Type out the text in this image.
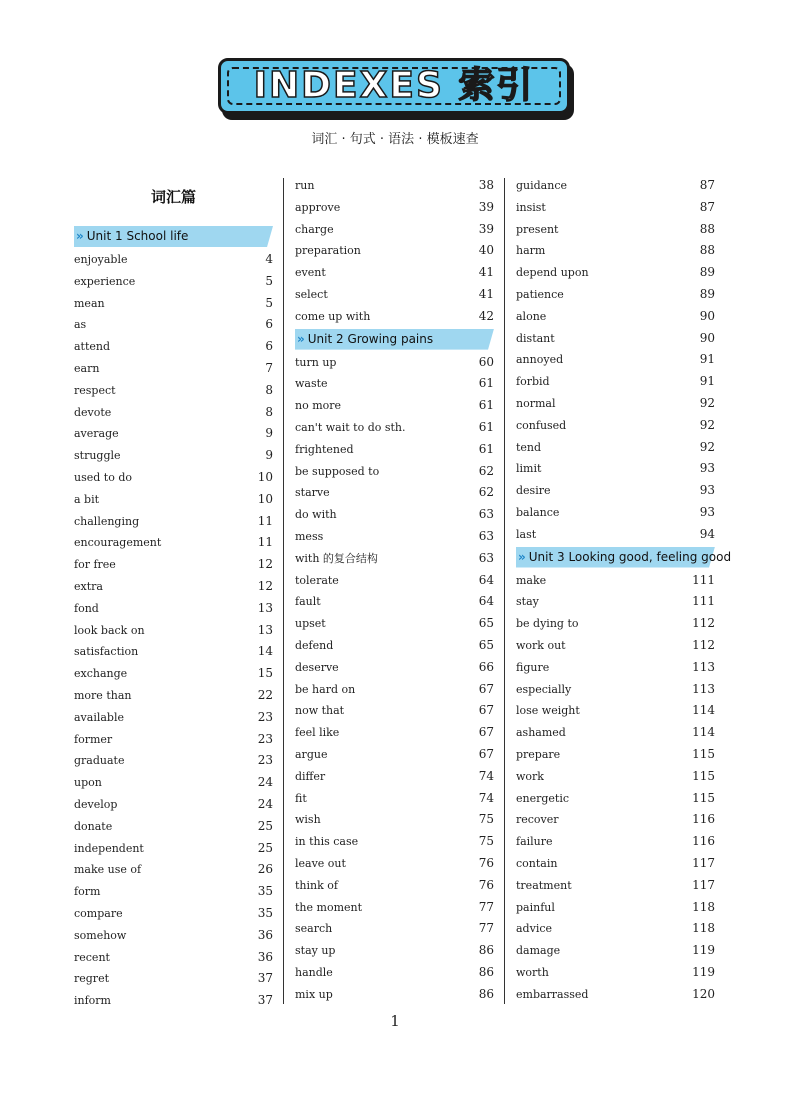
INDEXES 索引
词汇 · 句式 · 语法 · 模板速查
词汇篇
» Unit 1 School life
enjoyable	4
experience	5
mean	5
as	6
attend	6
earn	7
respect	8
devote	8
average	9
struggle	9
used to do	10
a bit	10
challenging	11
encouragement	11
for free	12
extra	12
fond	13
look back on	13
satisfaction	14
exchange	15
more than	22
available	23
former	23
graduate	23
upon	24
develop	24
donate	25
independent	25
make use of	26
form	35
compare	35
somehow	36
recent	36
regret	37
inform	37
run	38
approve	39
charge	39
preparation	40
event	41
select	41
come up with	42
» Unit 2 Growing pains
turn up	60
waste	61
no more	61
can't wait to do sth.	61
frightened	61
be supposed to	62
starve	62
do with	63
mess	63
with 的复合结构	63
tolerate	64
fault	64
upset	65
defend	65
deserve	66
be hard on	67
now that	67
feel like	67
argue	67
differ	74
fit	74
wish	75
in this case	75
leave out	76
think of	76
the moment	77
search	77
stay up	86
handle	86
mix up	86
guidance	87
insist	87
present	88
harm	88
depend upon	89
patience	89
alone	90
distant	90
annoyed	91
forbid	91
normal	92
confused	92
tend	92
limit	93
desire	93
balance	93
last	94
» Unit 3 Looking good, feeling good
make	111
stay	111
be dying to	112
work out	112
figure	113
especially	113
lose weight	114
ashamed	114
prepare	115
work	115
energetic	115
recover	116
failure	116
contain	117
treatment	117
painful	118
advice	118
damage	119
worth	119
embarrassed	120
1
